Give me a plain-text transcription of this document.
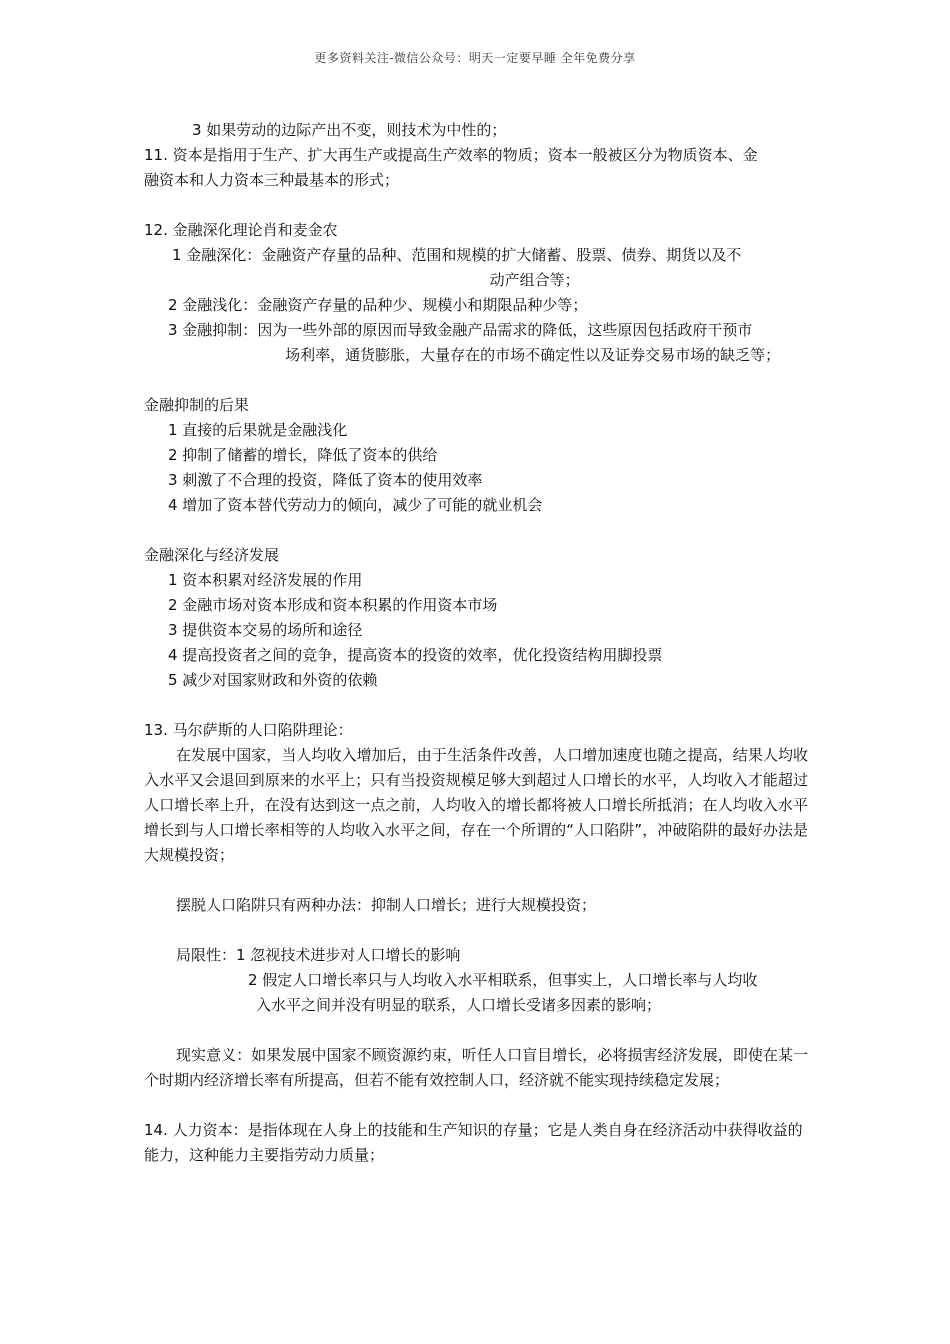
更多资料关注-微信公众号：明天一定要早睡 全年免费分享

3 如果劳动的边际产出不变，则技术为中性的；

11. 资本是指用于生产、扩大再生产或提高生产效率的物质；资本一般被区分为物质资本、金

融资本和人力资本三种最基本的形式；

12. 金融深化理论肖和麦金农

1 金融深化： 金融资产存量的品种、范围和规模的扩大储蓄、股票、债券、期货以及不
动产组合等；
2 金融浅化： 金融资产存量的品种少、规模小和期限品种少等；
3 金融抑制： 因为一些外部的原因而导致金融产品需求的降低，这些原因包括政府干预市
场利率，通货膨胀，大量存在的市场不确定性以及证券交易市场的缺乏等；

金融抑制的后果

1 直接的后果就是金融浅化

2 抑制了储蓄的增长，降低了资本的供给

3 刺激了不合理的投资，降低了资本的使用效率

4 增加了资本替代劳动力的倾向，减少了可能的就业机会

金融深化与经济发展

1 资本积累对经济发展的作用

2 金融市场对资本形成和资本积累的作用资本市场

3 提供资本交易的场所和途径

4 提高投资者之间的竞争，提高资本的投资的效率，优化投资结构用脚投票

5 减少对国家财政和外资的依赖

13. 马尔萨斯的人口陷阱理论：

在发展中国家，当人均收入增加后，由于生活条件改善，人口增加速度也随之提高，结果人均收入水平又会退回到原来的水平上；只有当投资规模足够大到超过人口增长的水平，人均收入才能超过人口增长率上升，在没有达到这一点之前，人均收入的增长都将被人口增长所抵消；在人均收入水平增长到与人口增长率相等的人均收入水平之间，存在一个所谓的“人口陷阱”，冲破陷阱的最好办法是大规模投资；

摆脱人口陷阱只有两种办法：抑制人口增长；进行大规模投资；

局限性： 1 忽视技术进步对人口增长的影响

2 假定人口增长率只与人均收入水平相联系，但事实上，人口增长率与人均收
入水平之间并没有明显的联系，人口增长受诸多因素的影响；

现实意义：如果发展中国家不顾资源约束，听任人口盲目增长，必将损害经济发展，即使在某一个时期内经济增长率有所提高，但若不能有效控制人口，经济就不能实现持续稳定发展；

14. 人力资本：是指体现在人身上的技能和生产知识的存量；它是人类自身在经济活动中获得收益的能力，这种能力主要指劳动力质量；
